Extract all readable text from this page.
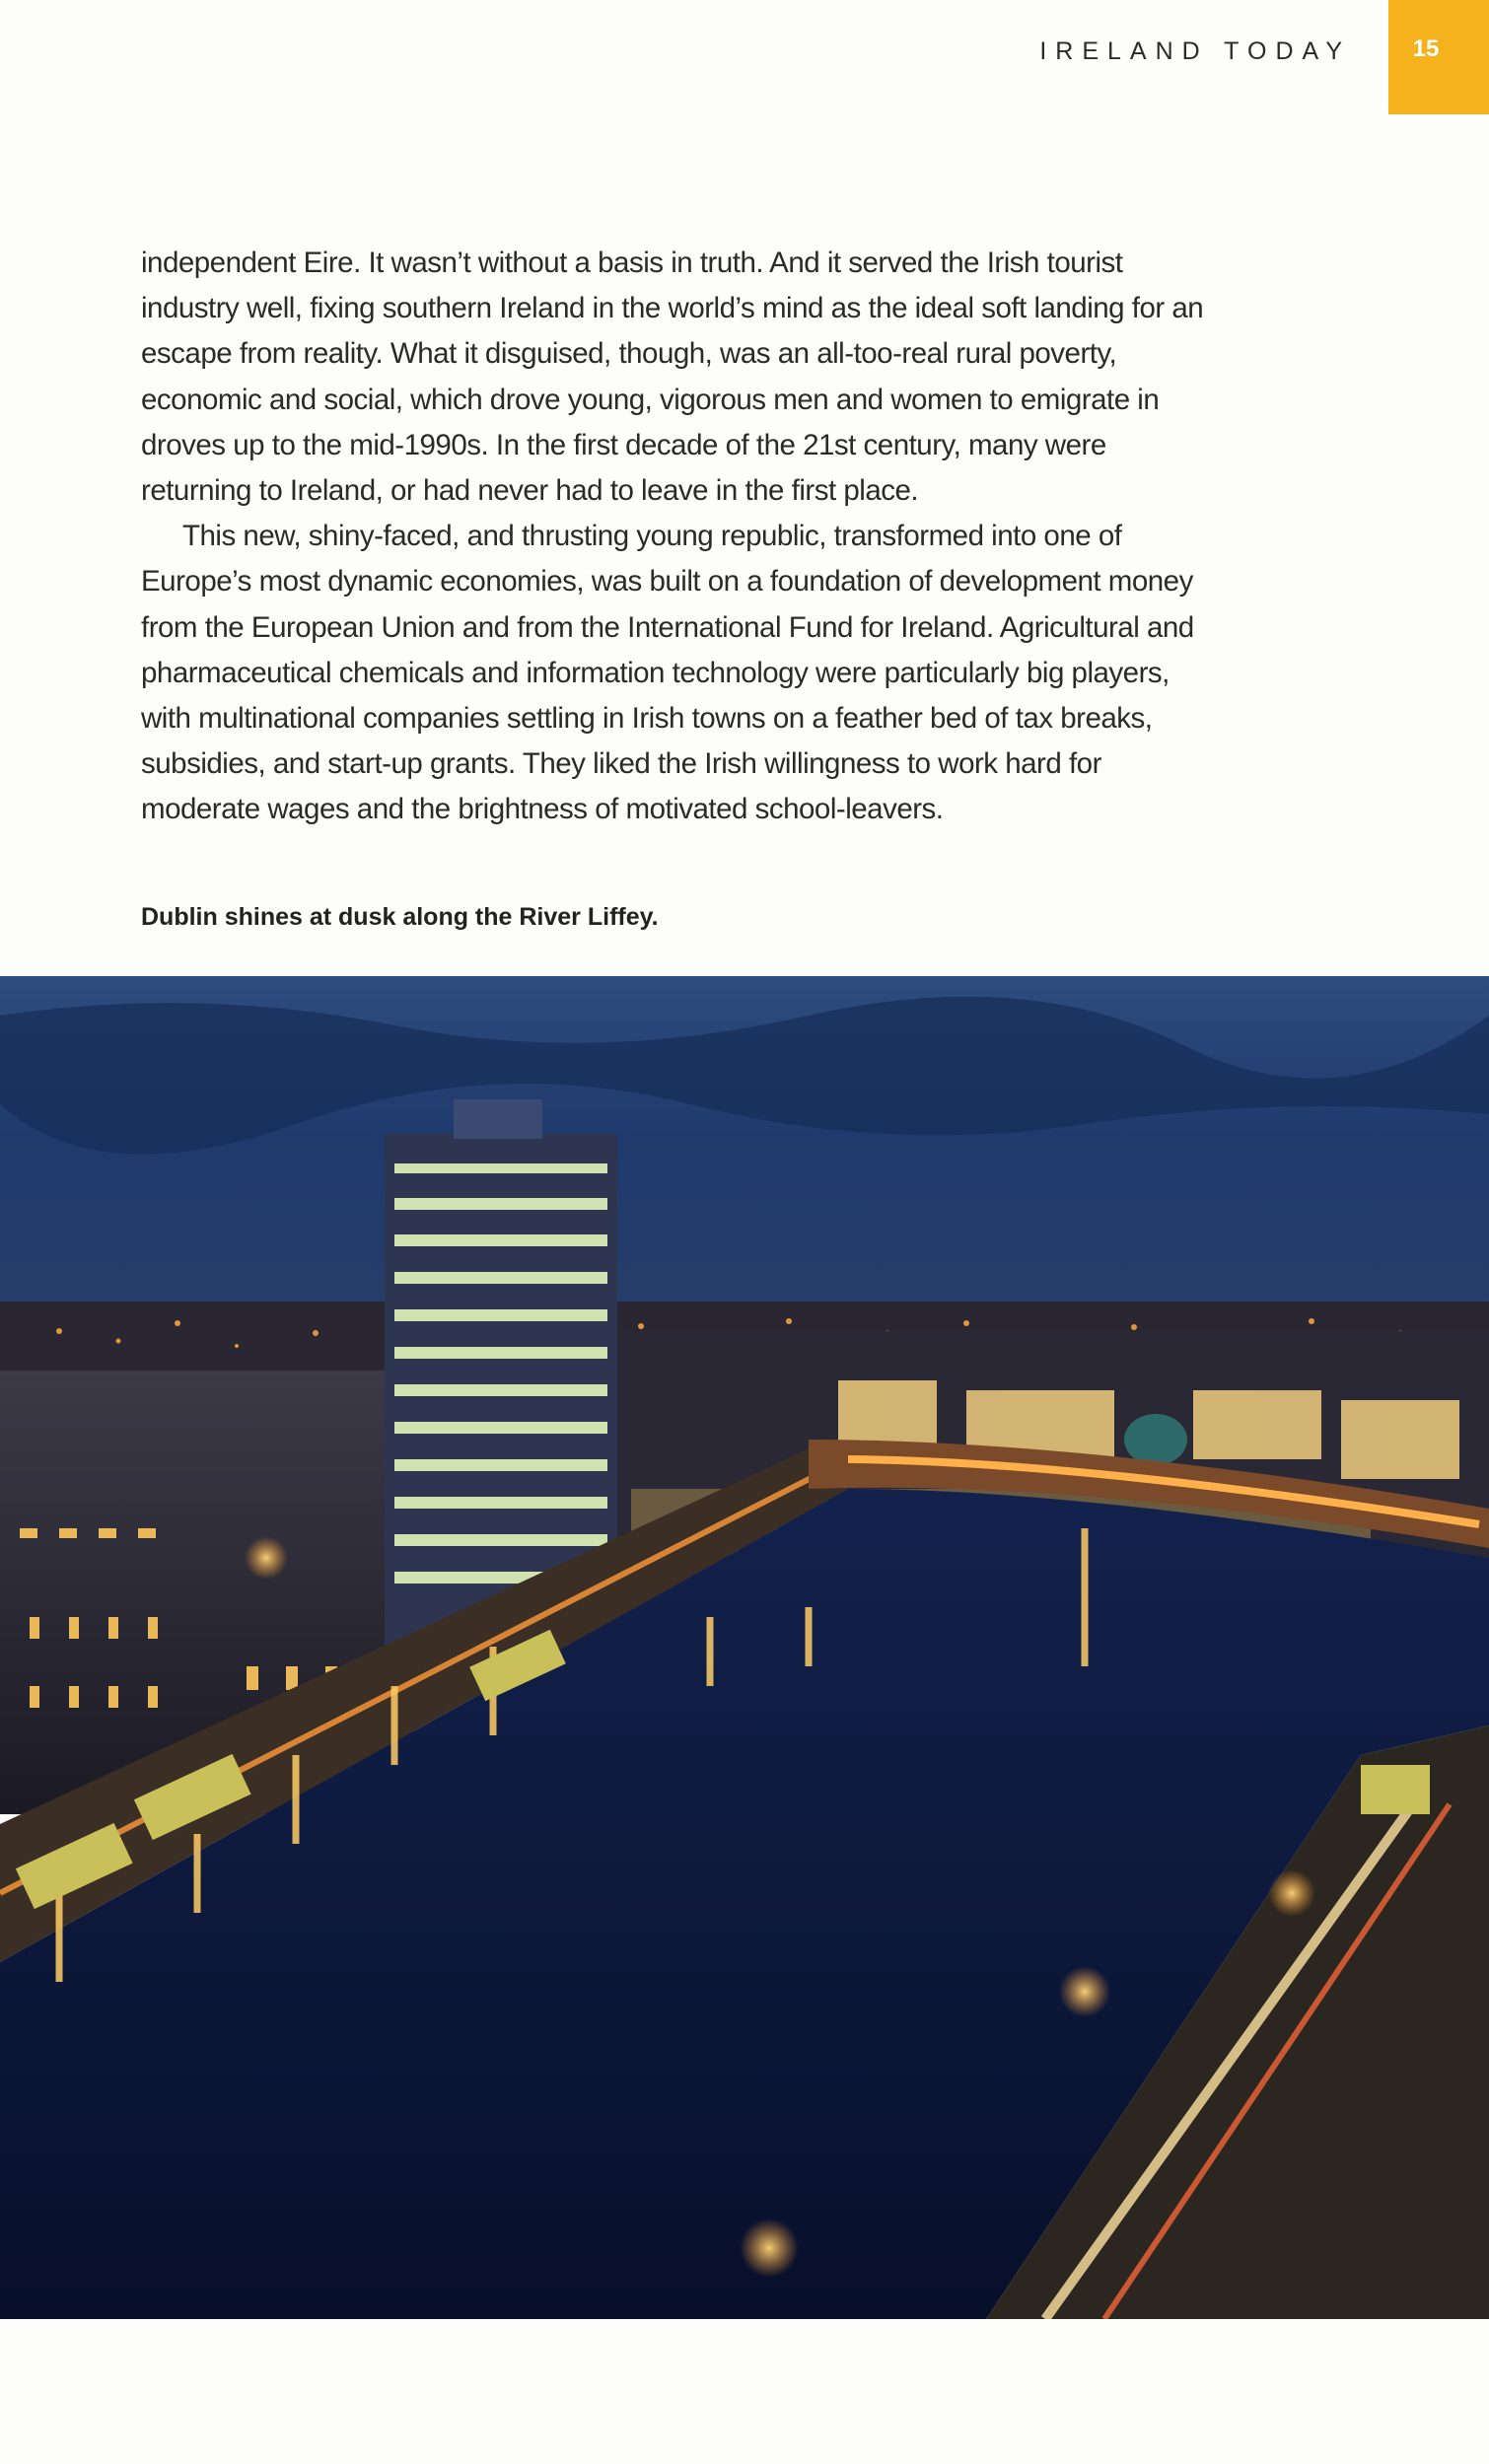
IRELAND TODAY	15

independent Eire. It wasn’t without a basis in truth. And it served the Irish tourist industry well, fixing southern Ireland in the world’s mind as the ideal soft landing for an escape from reality. What it disguised, though, was an all-too-real rural poverty, economic and social, which drove young, vigorous men and women to emigrate in droves up to the mid-1990s. In the first decade of the 21st century, many were returning to Ireland, or had never had to leave in the first place.

This new, shiny-faced, and thrusting young republic, transformed into one of Europe’s most dynamic economies, was built on a foundation of development money from the European Union and from the International Fund for Ireland. Agricultural and pharmaceutical chemicals and information technology were particularly big players, with multinational companies settling in Irish towns on a feather bed of tax breaks, subsidies, and start-up grants. They liked the Irish willingness to work hard for moderate wages and the brightness of motivated school-leavers.

Dublin shines at dusk along the River Liffey.
